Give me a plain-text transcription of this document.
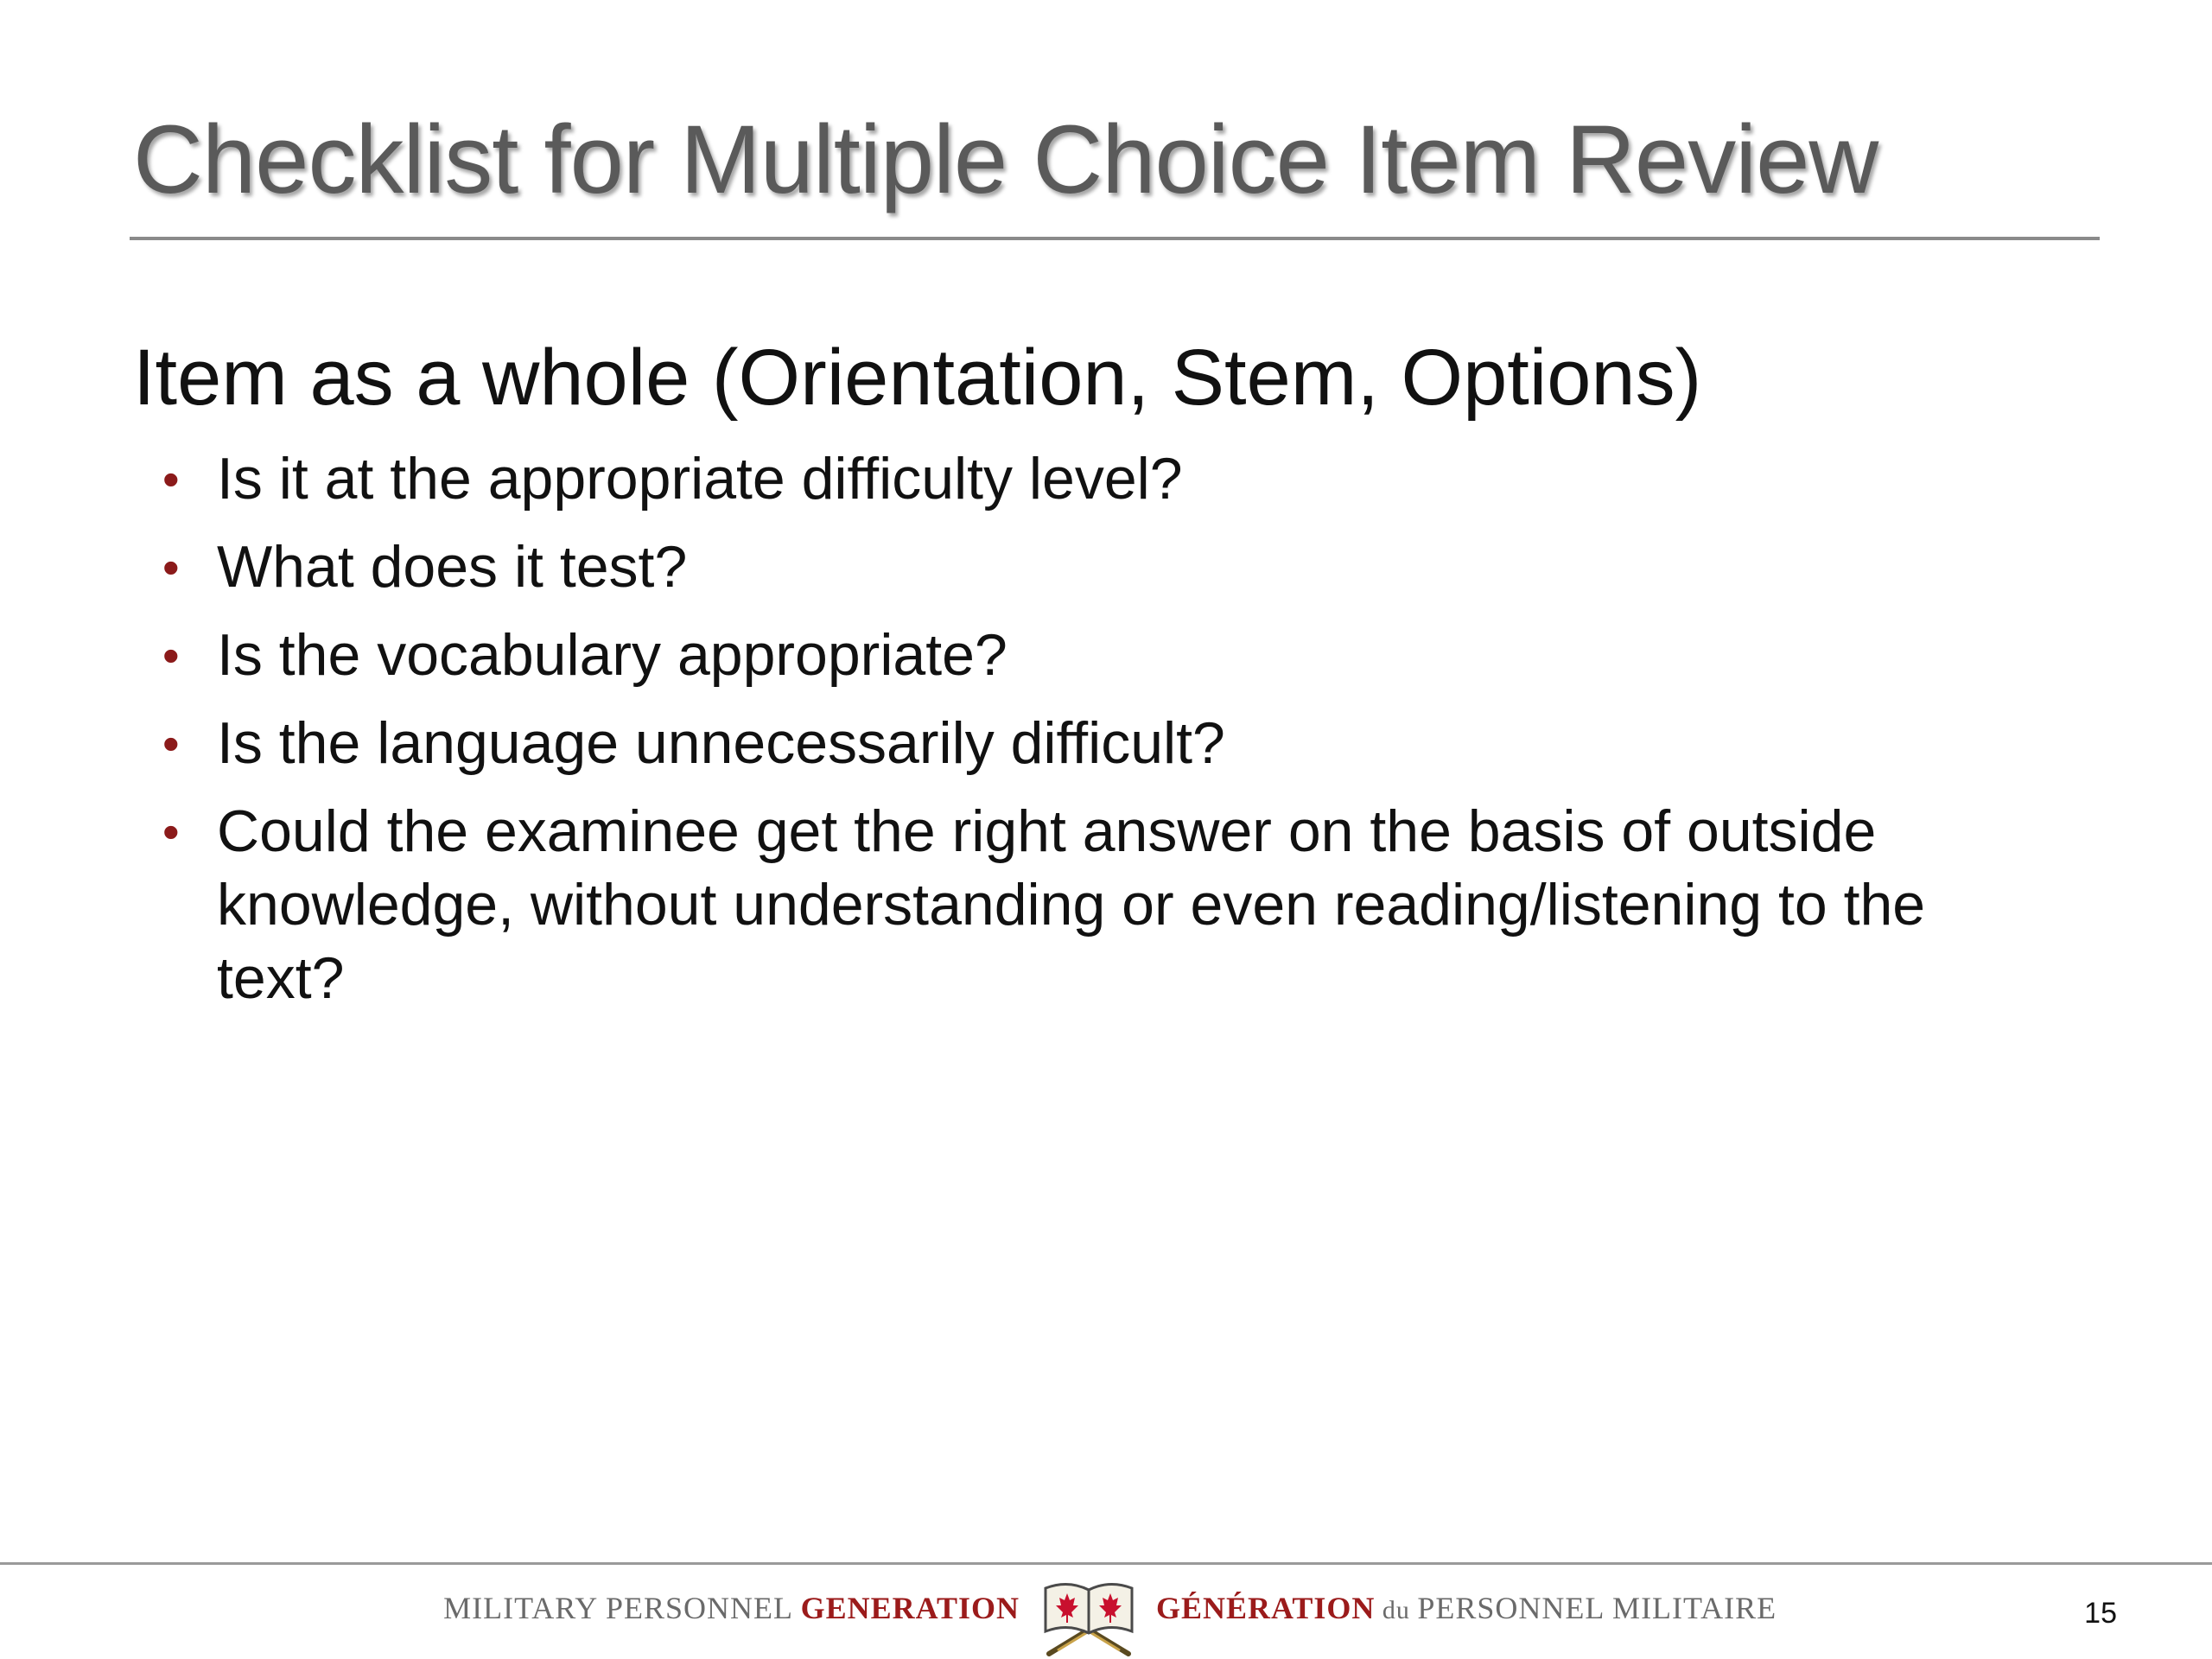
Checklist for Multiple Choice Item Review
Item as a whole (Orientation, Stem, Options)
• Is it at the appropriate difficulty level?
• What does it test?
• Is the vocabulary appropriate?
• Is the language unnecessarily difficult?
• Could the examinee get the right answer on the basis of outside knowledge, without understanding or even reading/listening to the text?
MILITARY PERSONNEL GENERATION	GÉNÉRATION du PERSONNEL MILITAIRE	15
